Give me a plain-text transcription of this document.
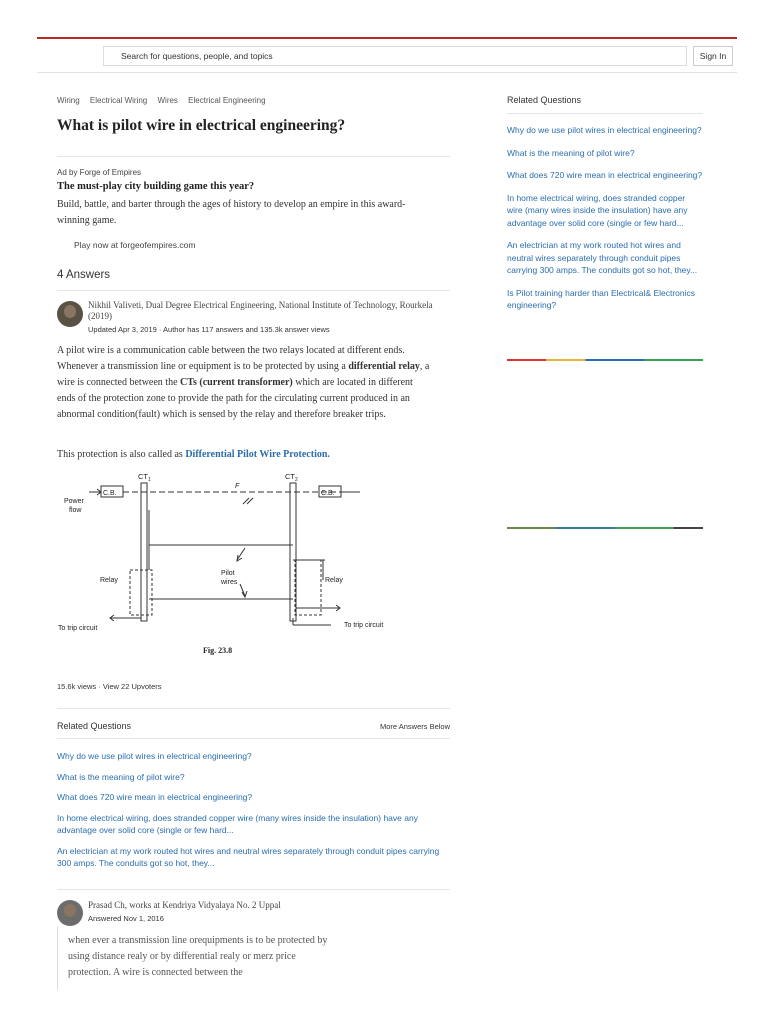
Search for questions, people, and topics	Sign In
Wiring Electrical Wiring Wires Electrical Engineering
What is pilot wire in electrical engineering?
Ad by Forge of Empires
The must-play city building game this year?
Build, battle, and barter through the ages of history to develop an empire in this award-winning game.
Play now at forgeofempires.com
4 Answers
Nikhil Valiveti, Dual Degree Electrical Engineering, National Institute of Technology, Rourkela (2019)
Updated Apr 3, 2019 · Author has 117 answers and 135.3k answer views
A pilot wire is a communication cable between the two relays located at different ends. Whenever a transmission line or equipment is to be protected by using a differential relay, a wire is connected between the CTs (current transformer) which are located in different ends of the protection zone to provide the path for the circulating current produced in an abnormal condition(fault) which is sensed by the relay and therefore breaker trips.
This protection is also called as Differential Pilot Wire Protection.
$CT_1$	$CT_2$
C.B.	C.B.
Power
flow
F
Relay	Relay
Pilot
wires
To trip circuit	To trip circuit
Fig. 23.8
15.6k views · View 22 Upvoters
Related Questions	More Answers Below
Why do we use pilot wires in electrical engineering?
What is the meaning of pilot wire?
What does 720 wire mean in electrical engineering?
In home electrical wiring, does stranded copper wire (many wires inside the insulation) have any advantage over solid core (single or few hard...
An electrician at my work routed hot wires and neutral wires separately through conduit pipes carrying 300 amps. The conduits got so hot, they...
Prasad Ch, works at Kendriya Vidyalaya No. 2 Uppal
Answered Nov 1, 2016
when ever a transmission line orequipments is to be protected by using distance realy or by differential realy or merz price protection. A wire is connected between the
Related Questions
Why do we use pilot wires in electrical engineering?
What is the meaning of pilot wire?
What does 720 wire mean in electrical engineering?
In home electrical wiring, does stranded copper wire (many wires inside the insulation) have any advantage over solid core (single or few hard...
An electrician at my work routed hot wires and neutral wires separately through conduit pipes carrying 300 amps. The conduits got so hot, they...
Is Pilot training harder than Electrical& Electronics engineering?
